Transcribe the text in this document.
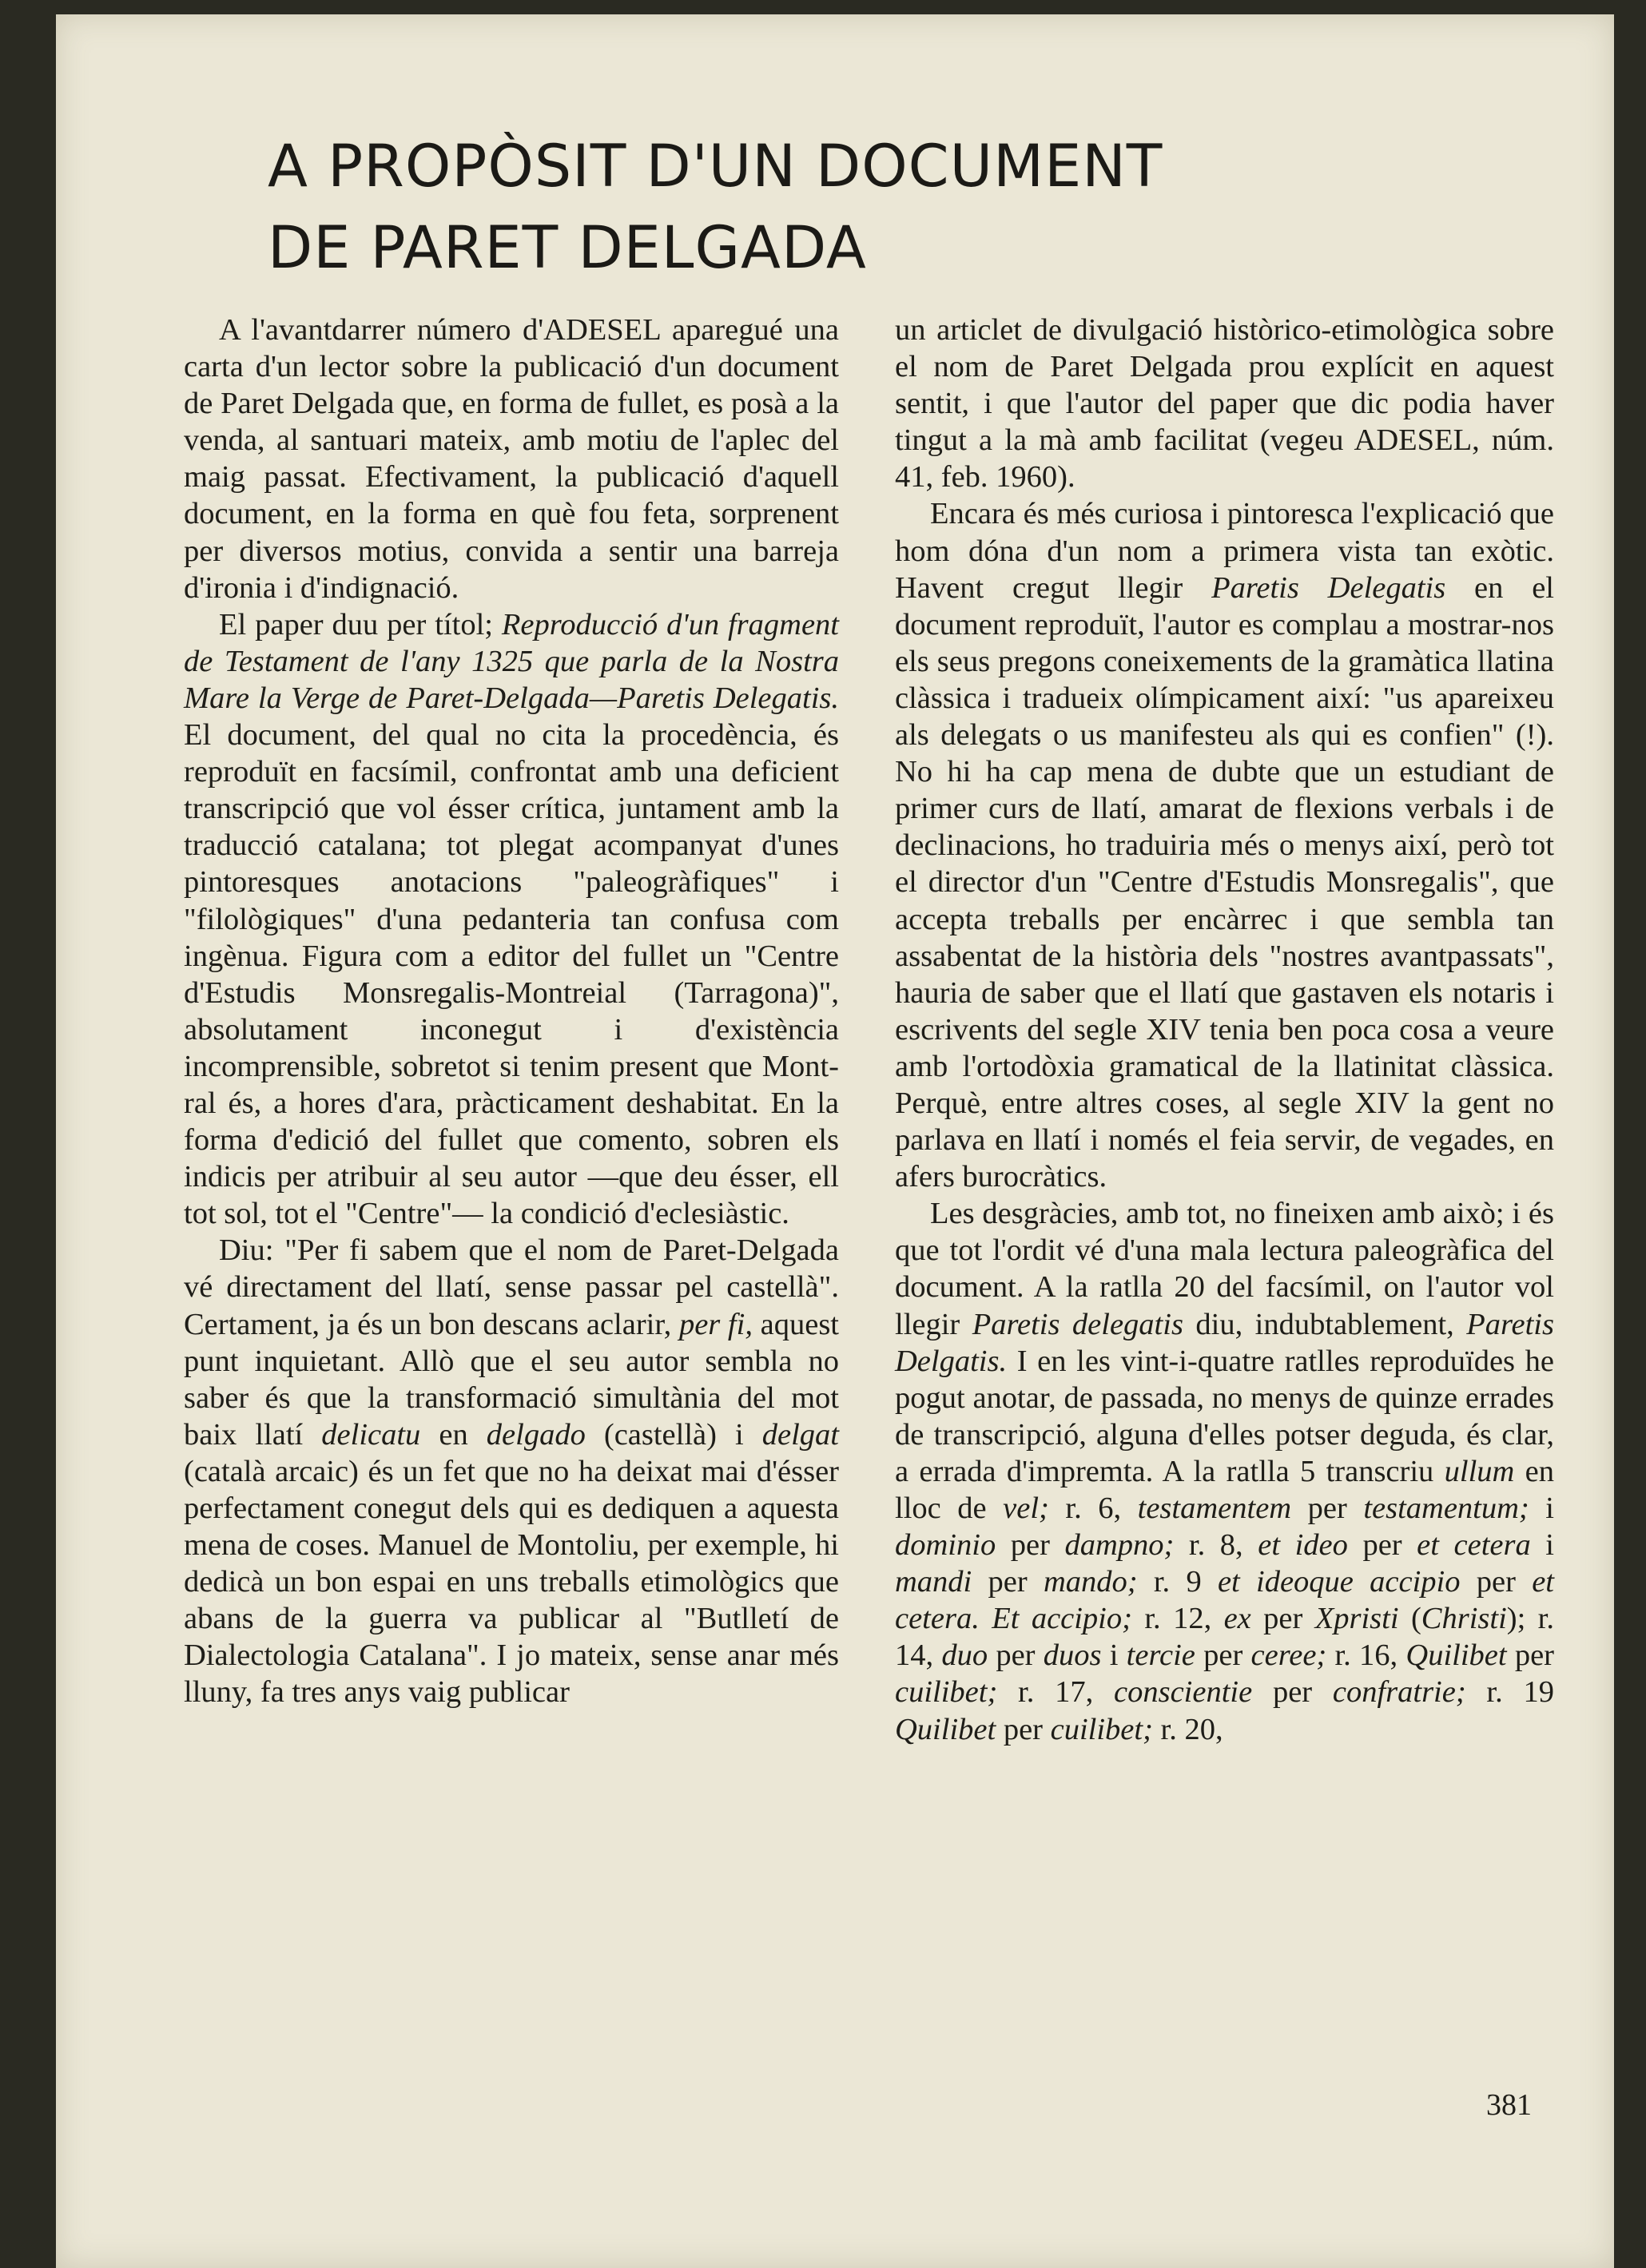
A PROPÒSIT D'UN DOCUMENT
DE PARET DELGADA

A l'avantdarrer número d'ADESEL aparegué una carta d'un lector sobre la publicació d'un document de Paret Delgada que, en forma de fullet, es posà a la venda, al santuari mateix, amb motiu de l'aplec del maig passat. Efectivament, la publicació d'aquell document, en la forma en què fou feta, sorprenent per diversos motius, convida a sentir una barreja d'ironia i d'indignació.

El paper duu per títol; Reproducció d'un fragment de Testament de l'any 1325 que parla de la Nostra Mare la Verge de Paret-Delgada—Paretis Delegatis. El document, del qual no cita la procedència, és reproduït en facsímil, confrontat amb una deficient transcripció que vol ésser crítica, juntament amb la traducció catalana; tot plegat acompanyat d'unes pintoresques anotacions "paleogràfiques" i "filològiques" d'una pedanteria tan confusa com ingènua. Figura com a editor del fullet un "Centre d'Estudis Monsregalis-Montreial (Tarragona)", absolutament inconegut i d'existència incomprensible, sobretot si tenim present que Mont-ral és, a hores d'ara, pràcticament deshabitat. En la forma d'edició del fullet que comento, sobren els indicis per atribuir al seu autor —que deu ésser, ell tot sol, tot el "Centre"— la condició d'eclesiàstic.

Diu: "Per fi sabem que el nom de Paret-Delgada vé directament del llatí, sense passar pel castellà". Certament, ja és un bon descans aclarir, per fi, aquest punt inquietant. Allò que el seu autor sembla no saber és que la transformació simultània del mot baix llatí delicatu en delgado (castellà) i delgat (català arcaic) és un fet que no ha deixat mai d'ésser perfectament conegut dels qui es dediquen a aquesta mena de coses. Manuel de Montoliu, per exemple, hi dedicà un bon espai en uns treballs etimològics que abans de la guerra va publicar al "Butlletí de Dialectologia Catalana". I jo mateix, sense anar més lluny, fa tres anys vaig publicar

un articlet de divulgació històrico-etimològica sobre el nom de Paret Delgada prou explícit en aquest sentit, i que l'autor del paper que dic podia haver tingut a la mà amb facilitat (vegeu ADESEL, núm. 41, feb. 1960).

Encara és més curiosa i pintoresca l'explicació que hom dóna d'un nom a primera vista tan exòtic. Havent cregut llegir Paretis Delegatis en el document reproduït, l'autor es complau a mostrar-nos els seus pregons coneixements de la gramàtica llatina clàssica i tradueix olímpicament així: "us apareixeu als delegats o us manifesteu als qui es confien" (!). No hi ha cap mena de dubte que un estudiant de primer curs de llatí, amarat de flexions verbals i de declinacions, ho traduiria més o menys així, però tot el director d'un "Centre d'Estudis Monsregalis", que accepta treballs per encàrrec i que sembla tan assabentat de la història dels "nostres avantpassats", hauria de saber que el llatí que gastaven els notaris i escrivents del segle XIV tenia ben poca cosa a veure amb l'ortodòxia gramatical de la llatinitat clàssica. Perquè, entre altres coses, al segle XIV la gent no parlava en llatí i només el feia servir, de vegades, en afers burocràtics.

Les desgràcies, amb tot, no fineixen amb això; i és que tot l'ordit vé d'una mala lectura paleogràfica del document. A la ratlla 20 del facsímil, on l'autor vol llegir Paretis delegatis diu, indubtablement, Paretis Delgatis. I en les vint-i-quatre ratlles reproduïdes he pogut anotar, de passada, no menys de quinze errades de transcripció, alguna d'elles potser deguda, és clar, a errada d'impremta. A la ratlla 5 transcriu ullum en lloc de vel; r. 6, testamentem per testamentum; i dominio per dampno; r. 8, et ideo per et cetera i mandi per mando; r. 9 et ideoque accipio per et cetera. Et accipio; r. 12, ex per Xpristi (Christi); r. 14, duo per duos i tercie per ceree; r. 16, Quilibet per cuilibet; r. 17, conscientie per confratrie; r. 19 Quilibet per cuilibet; r. 20,

381
